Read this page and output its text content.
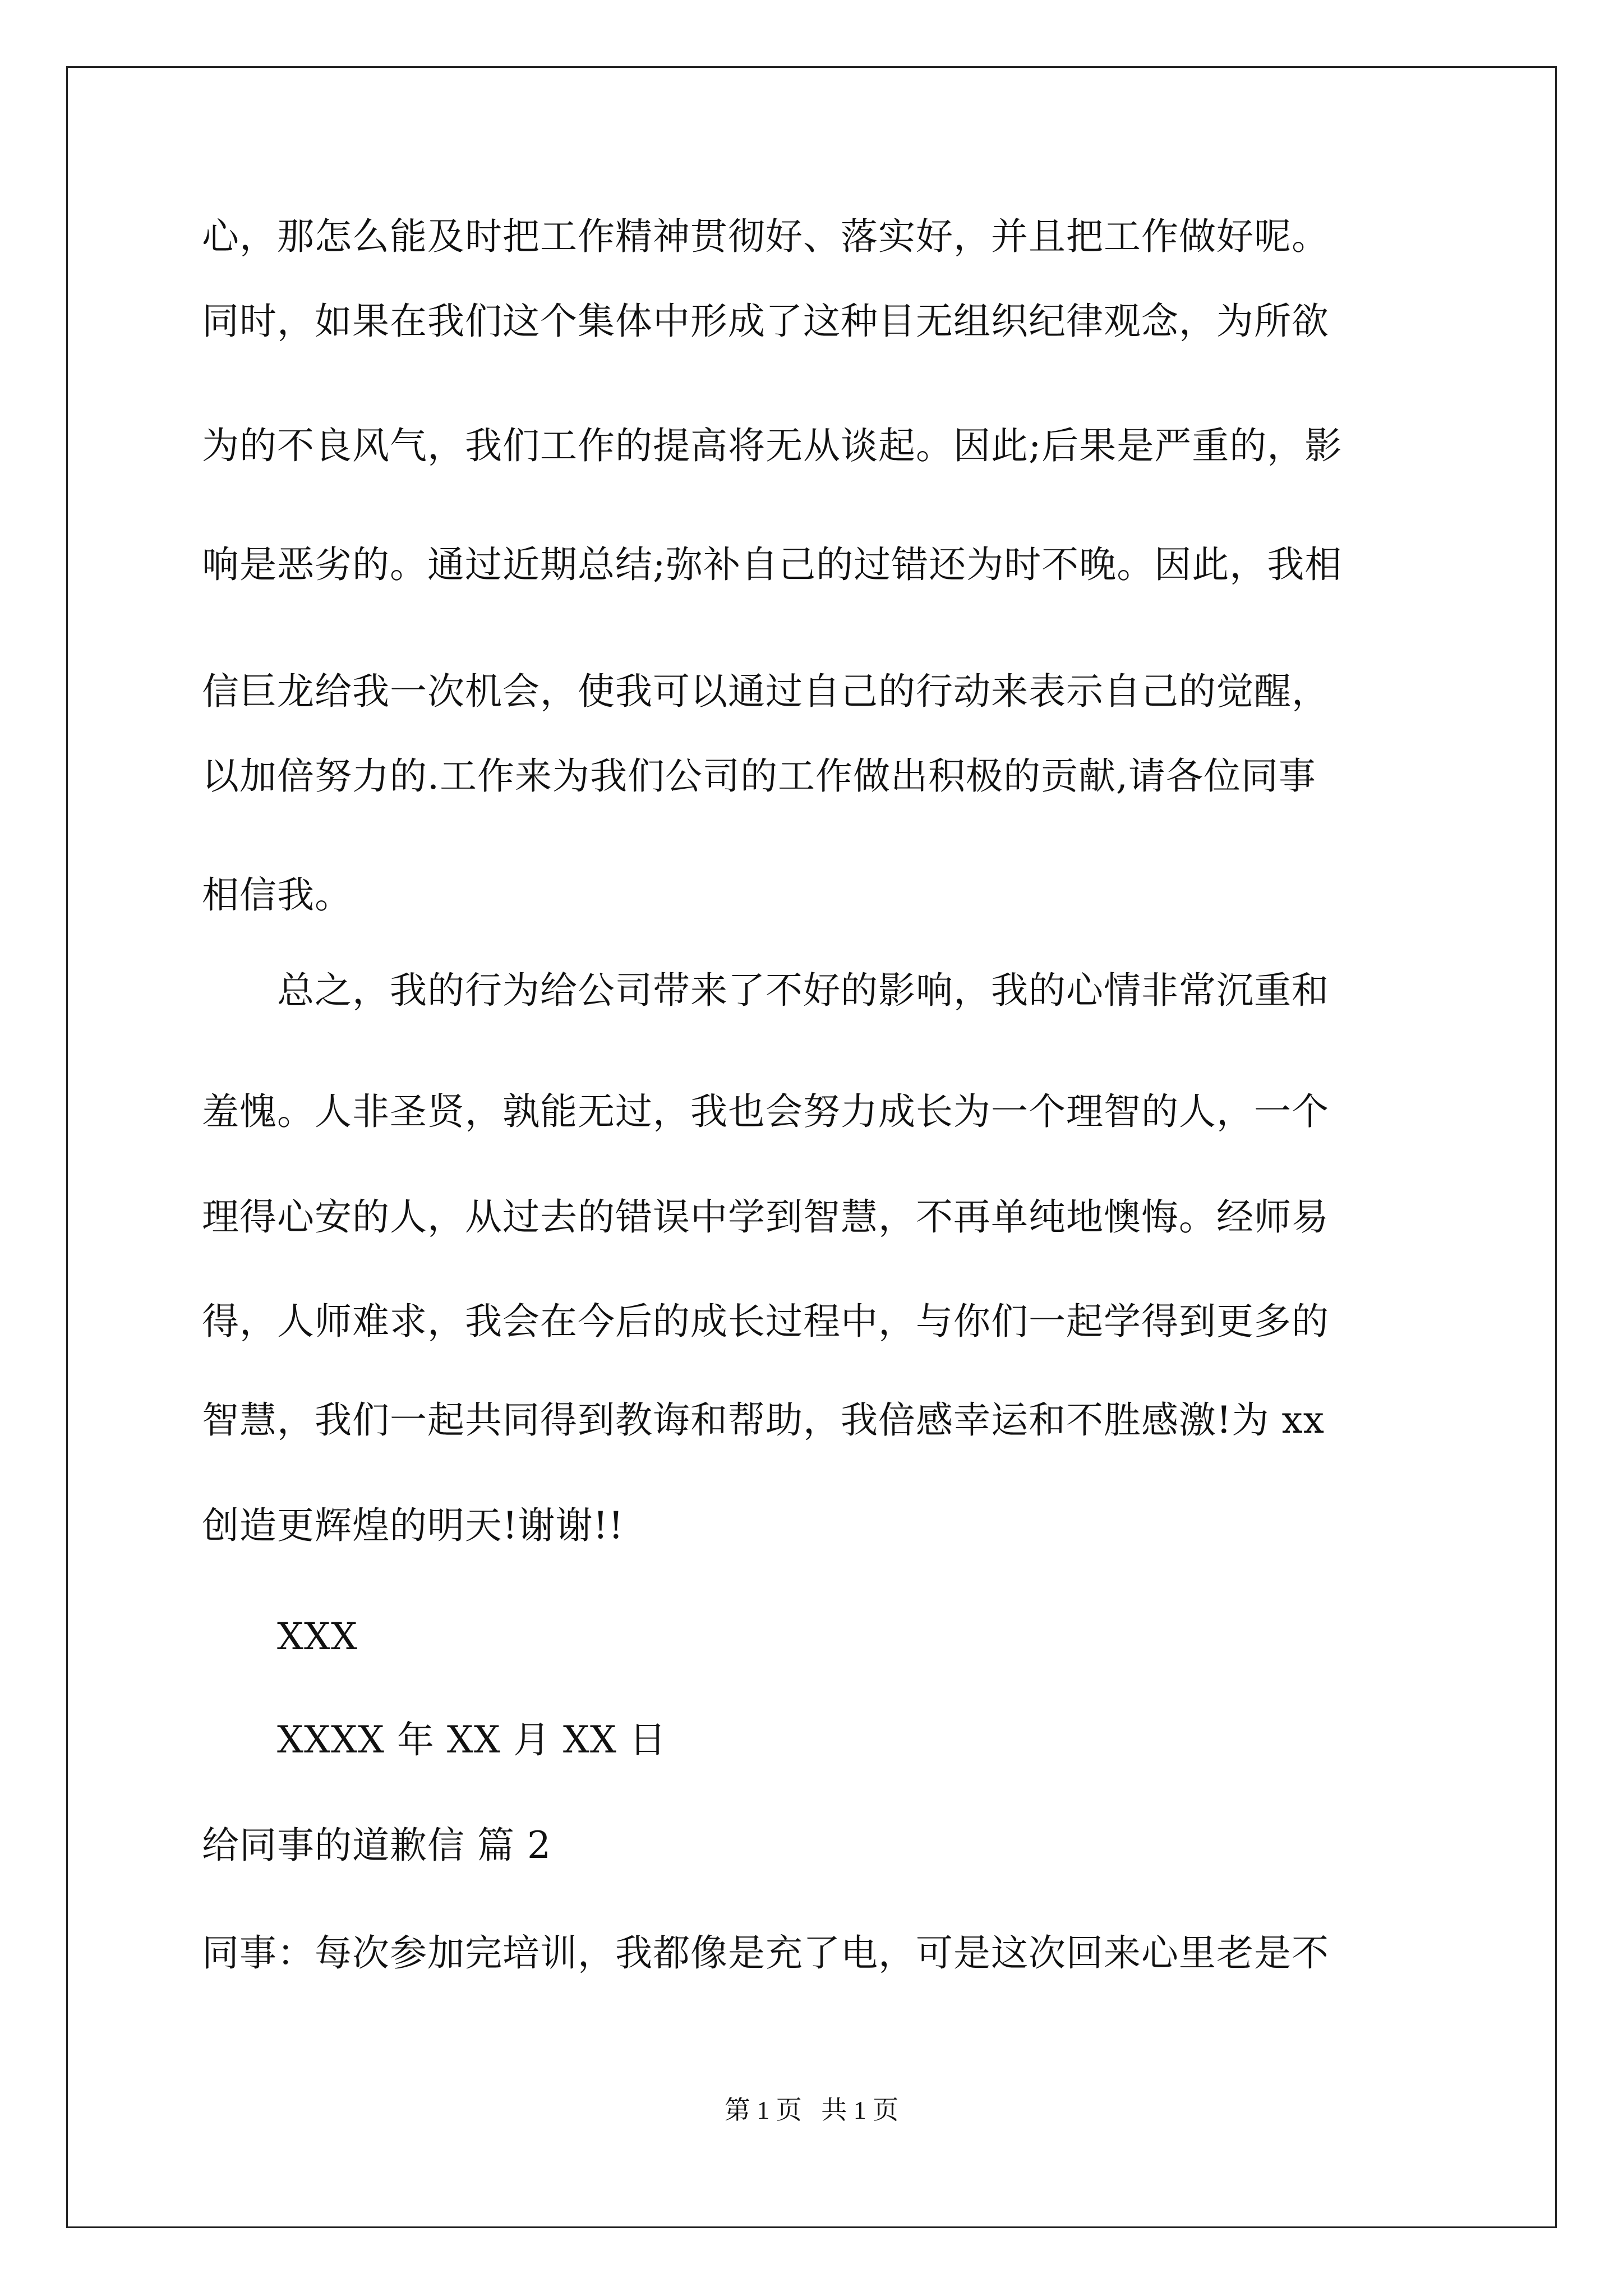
心，那怎么能及时把工作精神贯彻好、落实好，并且把工作做好呢。
同时，如果在我们这个集体中形成了这种目无组织纪律观念，为所欲
为的不良风气，我们工作的提高将无从谈起。因此;后果是严重的，影
响是恶劣的。通过近期总结;弥补自己的过错还为时不晚。因此，我相
信巨龙给我一次机会，使我可以通过自己的行动来表示自己的觉醒，
以加倍努力的.工作来为我们公司的工作做出积极的贡献,请各位同事
相信我。
总之，我的行为给公司带来了不好的影响，我的心情非常沉重和
羞愧。人非圣贤，孰能无过，我也会努力成长为一个理智的人，一个
理得心安的人，从过去的错误中学到智慧，不再单纯地懊悔。经师易
得，人师难求，我会在今后的成长过程中，与你们一起学得到更多的
智慧，我们一起共同得到教诲和帮助，我倍感幸运和不胜感激!为 xx
创造更辉煌的明天!谢谢!!
XXX
XXXX 年 XX 月 XX 日
给同事的道歉信 篇 2
同事：每次参加完培训，我都像是充了电，可是这次回来心里老是不
第 1 页   共 1 页
